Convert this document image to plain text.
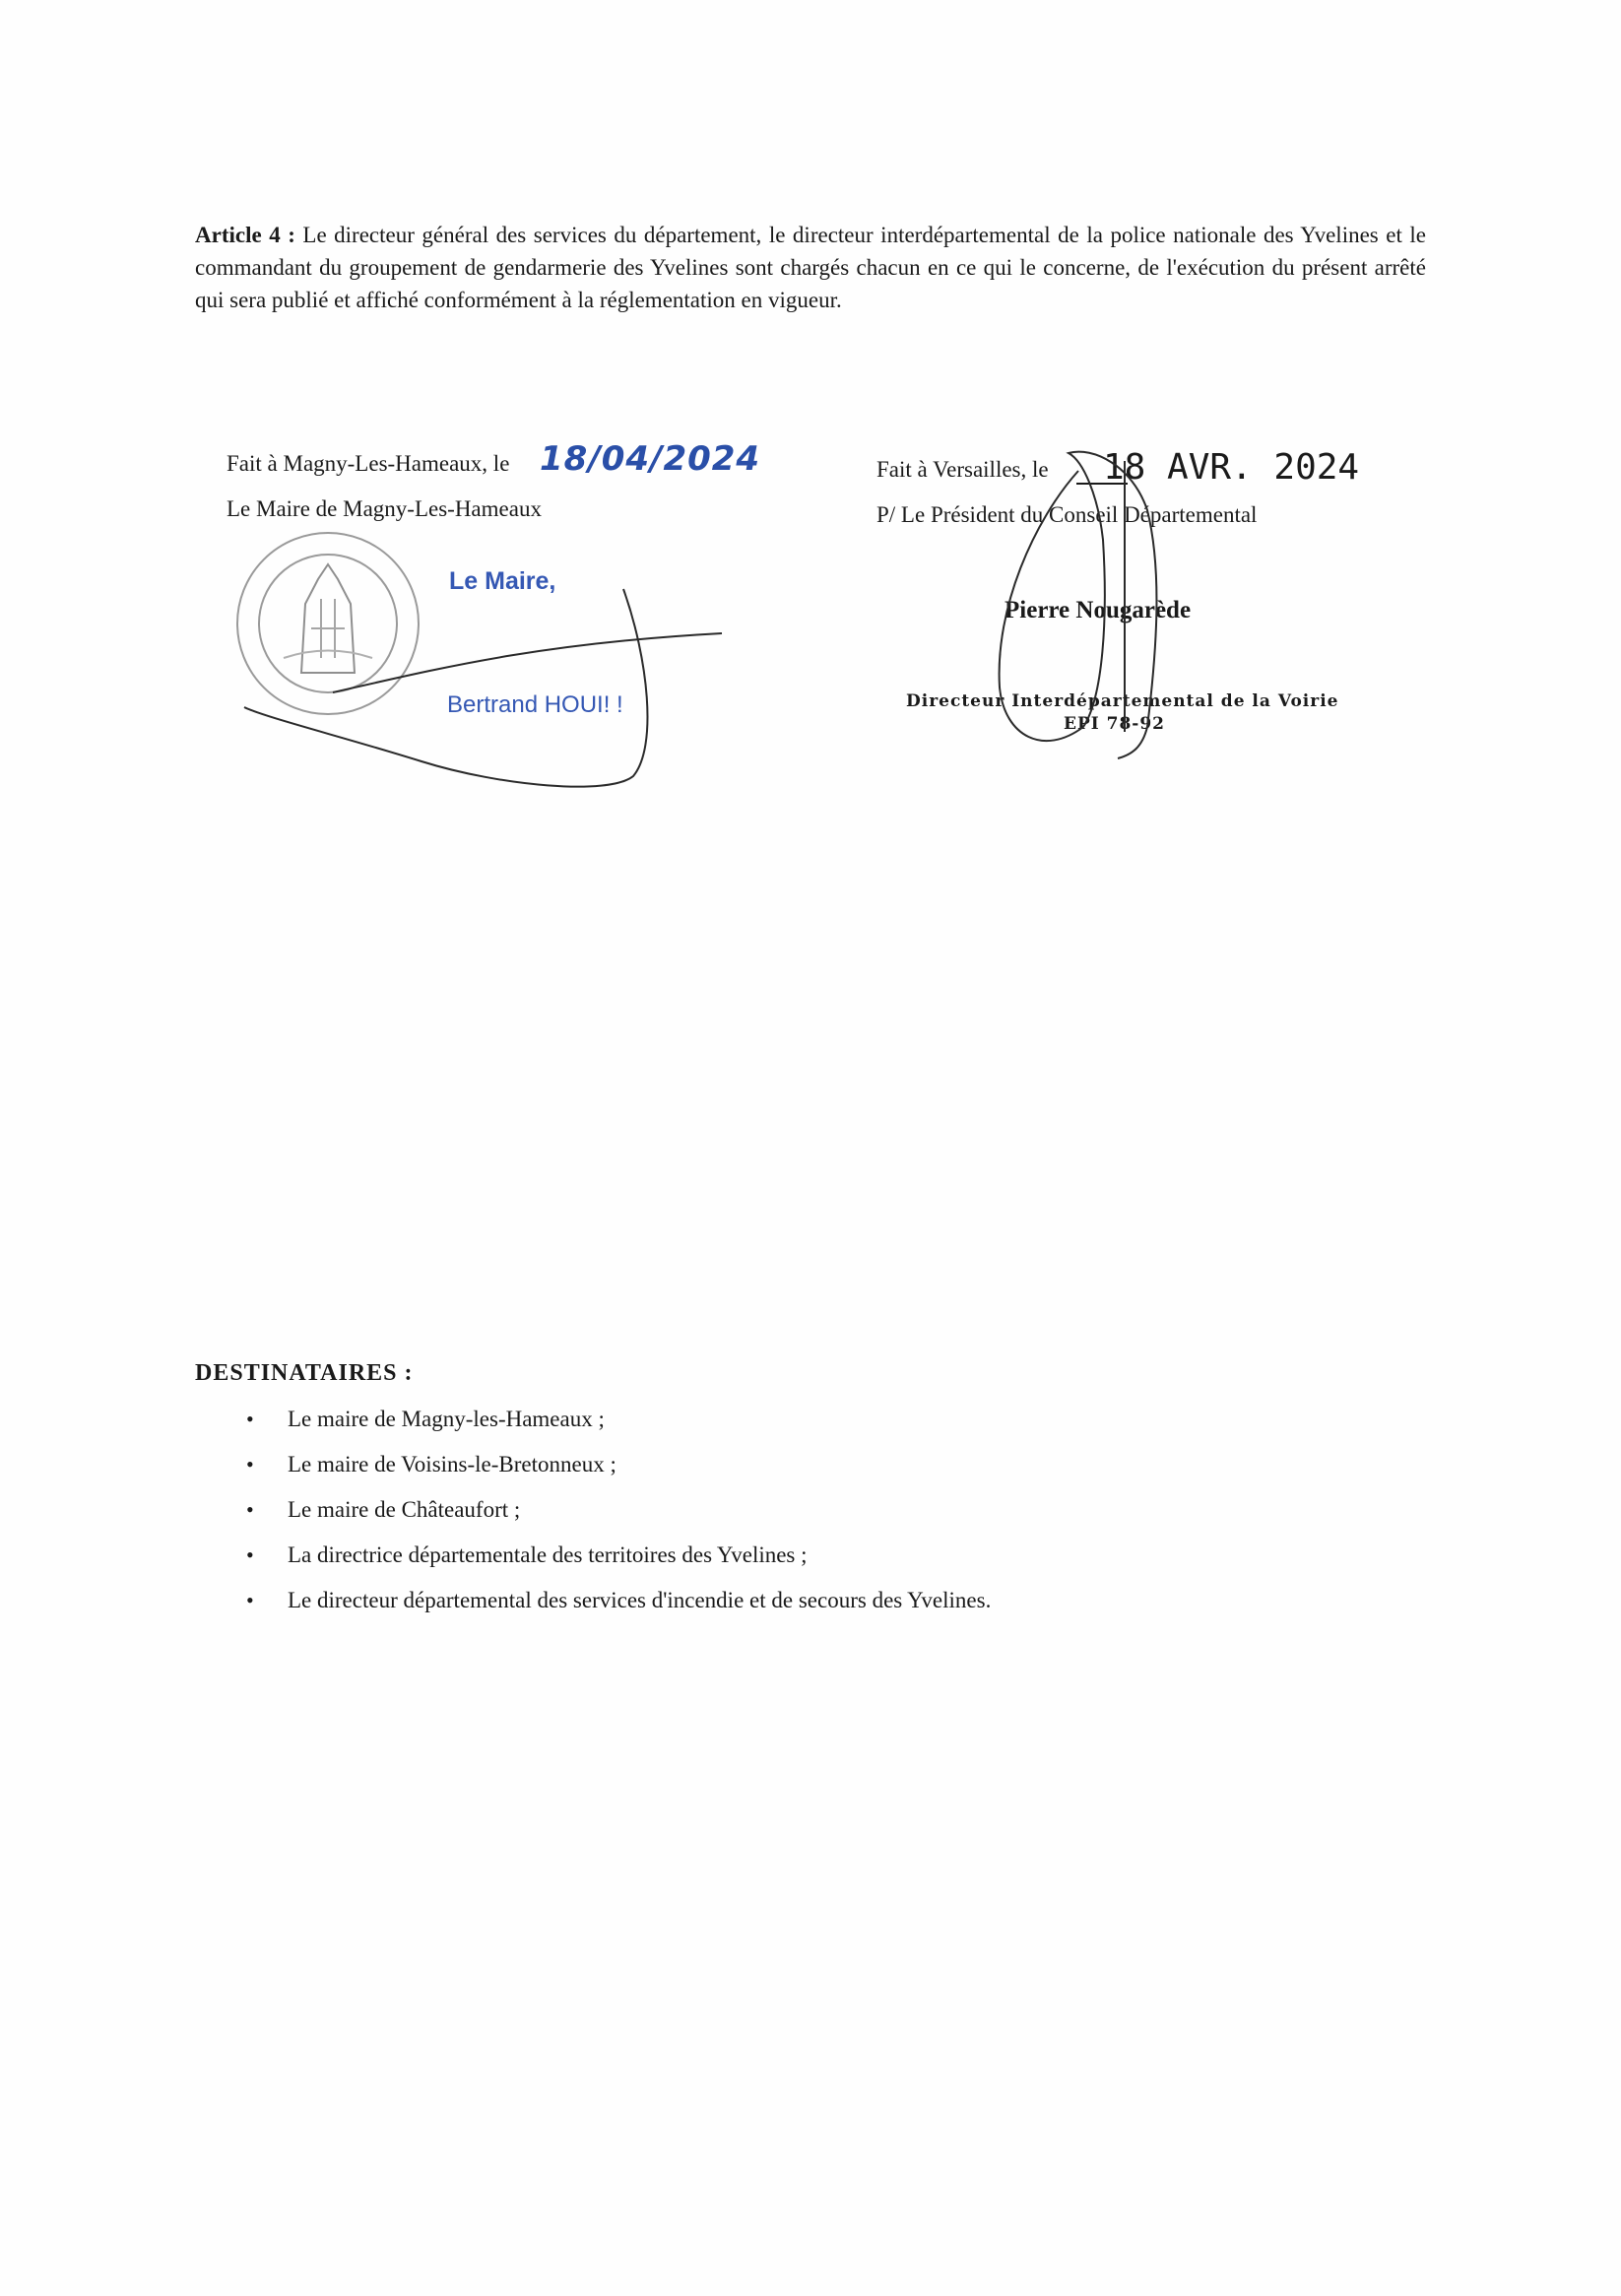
Article 4 : Le directeur général des services du département, le directeur interdépartemental de la police nationale des Yvelines et le commandant du groupement de gendarmerie des Yvelines sont chargés chacun en ce qui le concerne, de l'exécution du présent arrêté qui sera publié et affiché conformément à la réglementation en vigueur.

Fait à Magny-Les-Hameaux, le 18/04/2024
Le Maire de Magny-Les-Hameaux
Le Maire,
Bertrand HOUI! !
Fait à Versailles, le 18 AVR. 2024
P/ Le Président du Conseil Départemental
Pierre Nougarède
Directeur Interdépartemental de la Voirie
EPI 78-92
DESTINATAIRES :
• Le maire de Magny-les-Hameaux ;
• Le maire de Voisins-le-Bretonneux ;
• Le maire de Châteaufort ;
• La directrice départementale des territoires des Yvelines ;
• Le directeur départemental des services d'incendie et de secours des Yvelines.
